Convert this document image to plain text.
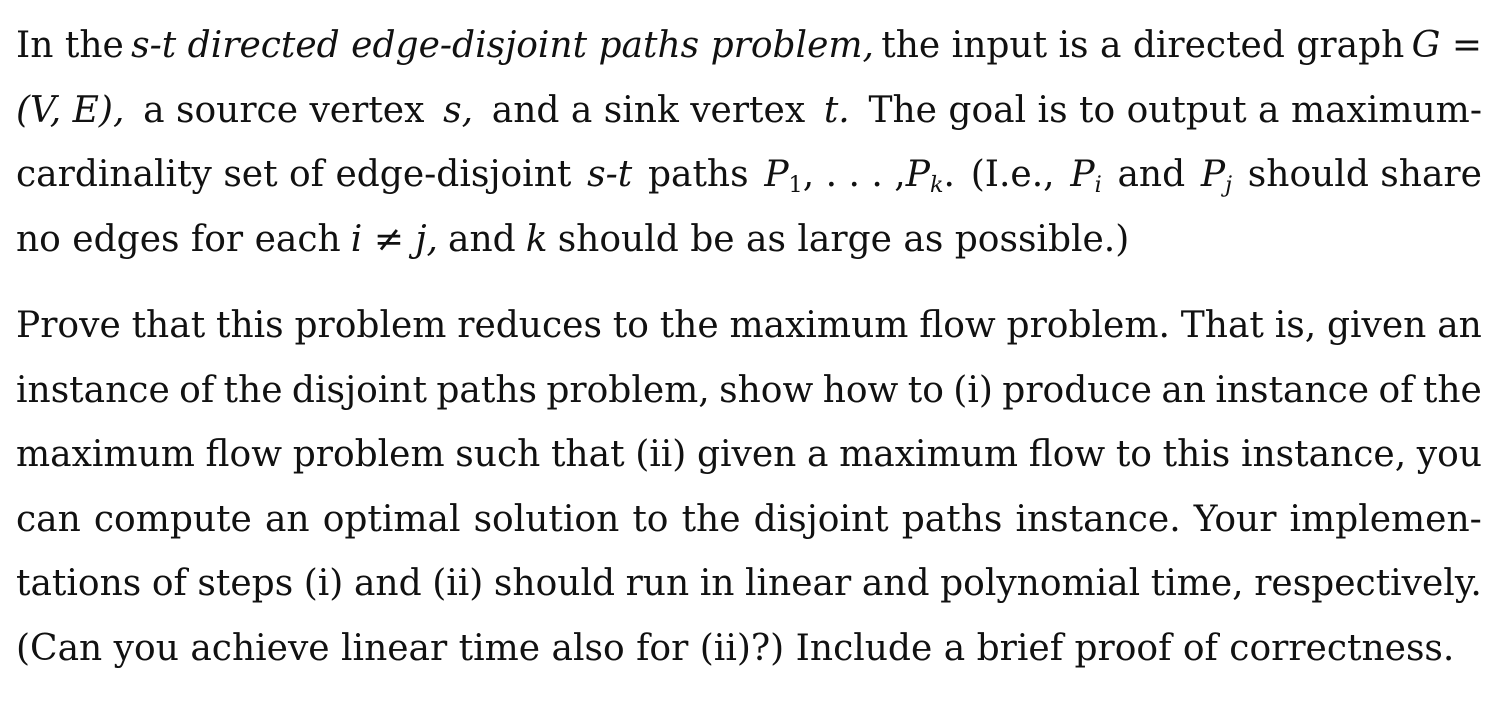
In the s-t directed edge-disjoint paths problem, the input is a directed graph G =
(V, E), a source vertex s, and a sink vertex t. The goal is to output a maximum-
cardinality set of edge-disjoint s-t paths $P_1$, . . . $,P_k$. (I.e., $P_i$ and $P_j$ should share
no edges for each i ≠ j, and k should be as large as possible.)
Prove that this problem reduces to the maximum flow problem. That is, given an
instance of the disjoint paths problem, show how to (i) produce an instance of the
maximum flow problem such that (ii) given a maximum flow to this instance, you
can compute an optimal solution to the disjoint paths instance. Your implemen-
tations of steps (i) and (ii) should run in linear and polynomial time, respectively.
(Can you achieve linear time also for (ii)?) Include a brief proof of correctness.
